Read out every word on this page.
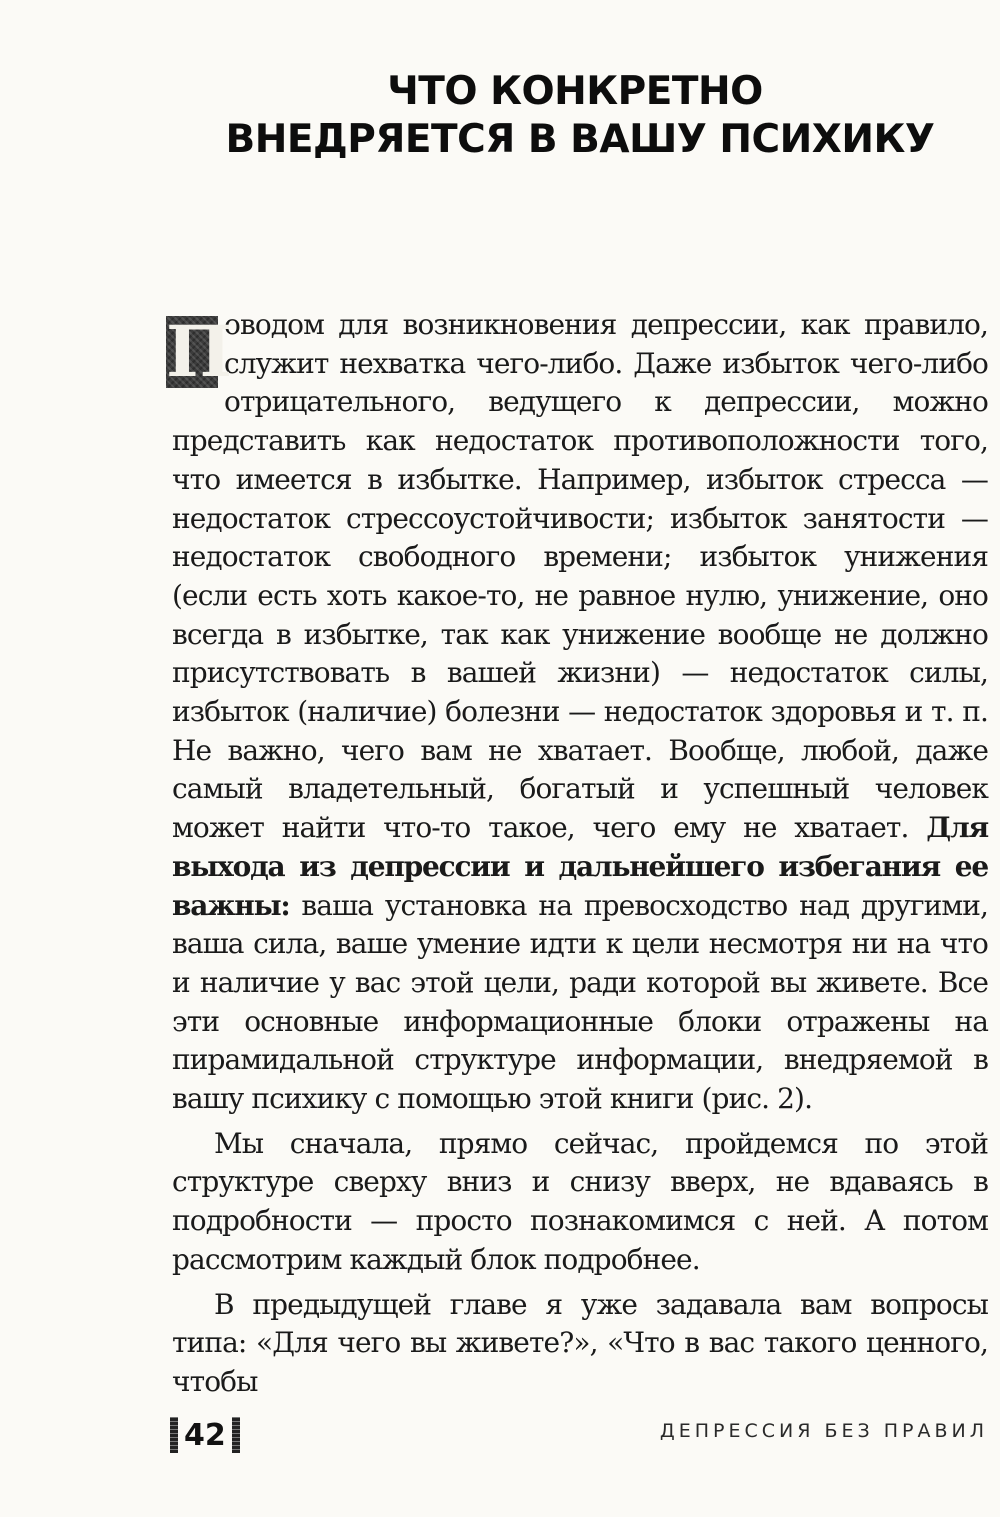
ЧТО КОНКРЕТНО
ВНЕДРЯЕТСЯ В ВАШУ ПСИХИКУ

П
оводом для возникновения депрессии, как правило, служит нехватка чего-либо. Даже избыток чего-либо отрицательного, ведущего к депрессии, можно представить как недостаток противоположности того, что имеется в избытке. Например, избыток стресса — недостаток стрессоустойчивости; избыток занятости — недостаток свободного времени; избыток унижения (если есть хоть какое-то, не равное нулю, унижение, оно всегда в избытке, так как унижение вообще не должно присутствовать в вашей жизни) — недостаток силы, избыток (наличие) болезни — недостаток здоровья и т. п. Не важно, чего вам не хватает. Вообще, любой, даже самый владетельный, богатый и успешный человек может найти что-то такое, чего ему не хватает. Для выхода из депрессии и дальнейшего избегания ее важны: ваша установка на превосходство над другими, ваша сила, ваше умение идти к цели несмотря ни на что и наличие у вас этой цели, ради которой вы живете. Все эти основные информационные блоки отражены на пирамидальной структуре информации, внедряемой в вашу психику с помощью этой книги (рис. 2).

Мы сначала, прямо сейчас, пройдемся по этой структуре сверху вниз и снизу вверх, не вдаваясь в подробности — просто познакомимся с ней. А потом рассмотрим каждый блок подробнее.

В предыдущей главе я уже задавала вам вопросы типа: «Для чего вы живете?», «Что в вас такого ценного, чтобы

42	ДЕПРЕССИЯ БЕЗ ПРАВИЛ
